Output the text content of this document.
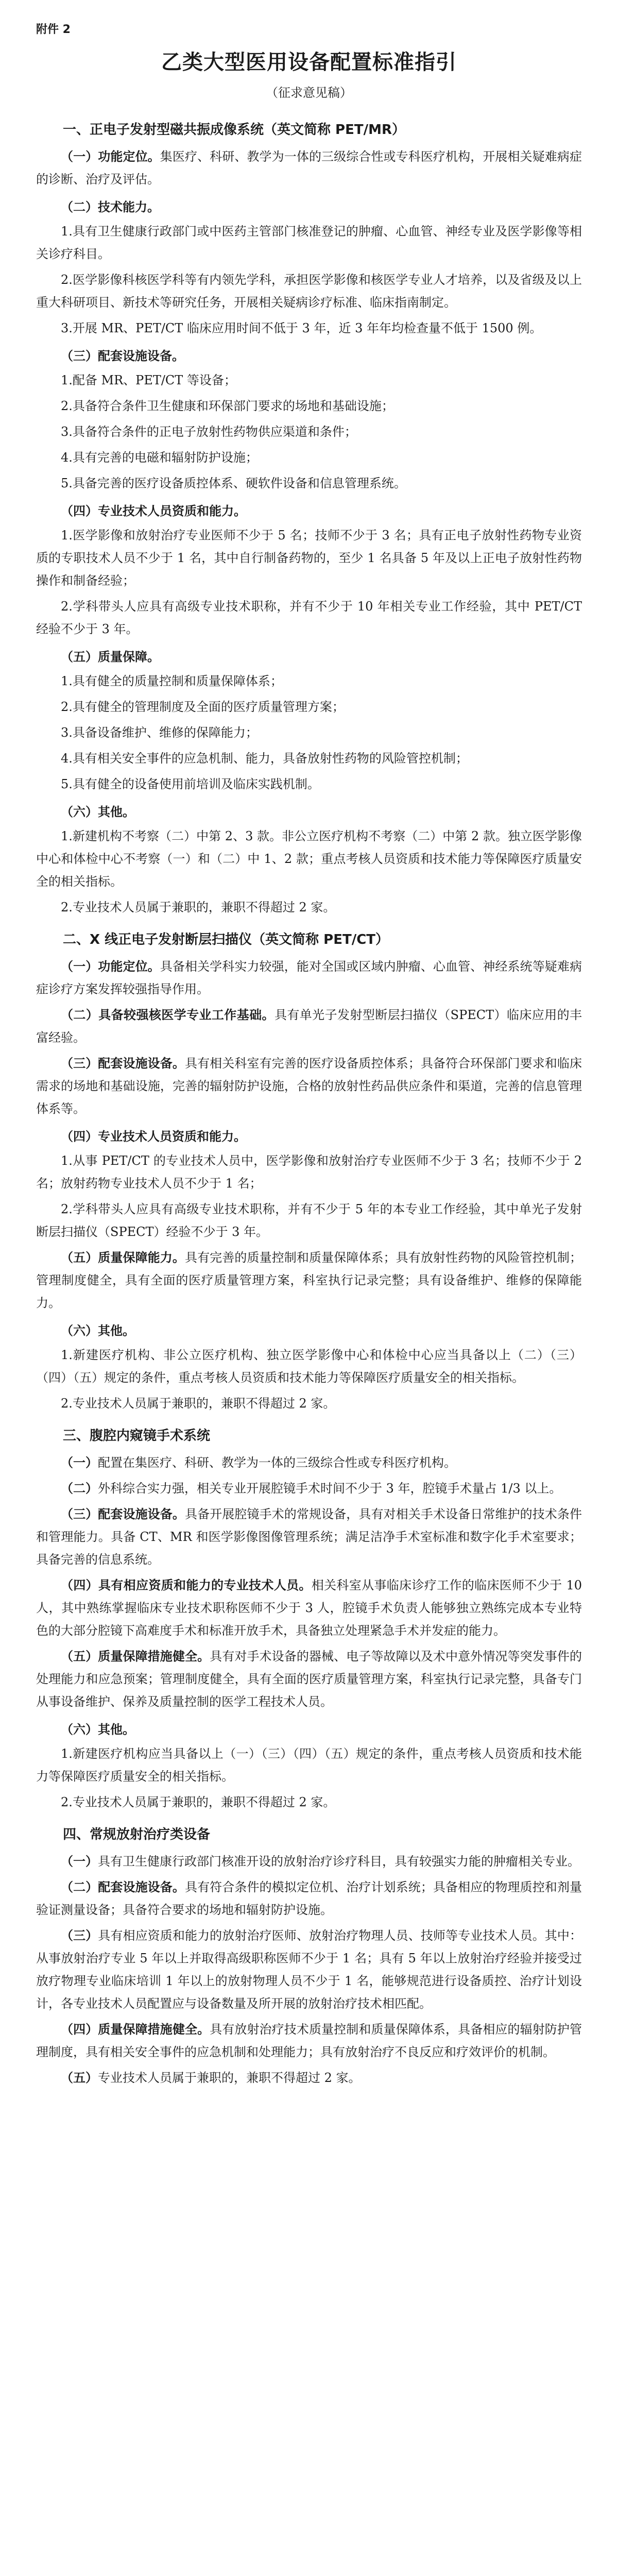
附件 2
乙类大型医用设备配置标准指引
（征求意见稿）
一、正电子发射型磁共振成像系统（英文简称 PET/MR）
（一）功能定位。集医疗、科研、教学为一体的三级综合性或专科医疗机构，开展相关疑难病症的诊断、治疗及评估。
（二）技术能力。
1.具有卫生健康行政部门或中医药主管部门核准登记的肿瘤、心血管、神经专业及医学影像等相关诊疗科目。
2.医学影像科核医学科等有内领先学科，承担医学影像和核医学专业人才培养，以及省级及以上重大科研项目、新技术等研究任务，开展相关疑病诊疗标准、临床指南制定。
3.开展 MR、PET/CT 临床应用时间不低于 3 年，近 3 年年均检查量不低于 1500 例。
（三）配套设施设备。
1.配备 MR、PET/CT 等设备；
2.具备符合条件卫生健康和环保部门要求的场地和基础设施；
3.具备符合条件的正电子放射性药物供应渠道和条件；
4.具有完善的电磁和辐射防护设施；
5.具备完善的医疗设备质控体系、硬软件设备和信息管理系统。
（四）专业技术人员资质和能力。
1.医学影像和放射治疗专业医师不少于 5 名；技师不少于 3 名；具有正电子放射性药物专业资质的专职技术人员不少于 1 名，其中自行制备药物的，至少 1 名具备 5 年及以上正电子放射性药物操作和制备经验；
2.学科带头人应具有高级专业技术职称，并有不少于 10 年相关专业工作经验，其中 PET/CT 经验不少于 3 年。
（五）质量保障。
1.具有健全的质量控制和质量保障体系；
2.具有健全的管理制度及全面的医疗质量管理方案；
3.具备设备维护、维修的保障能力；
4.具有相关安全事件的应急机制、能力，具备放射性药物的风险管控机制；
5.具有健全的设备使用前培训及临床实践机制。
（六）其他。
1.新建机构不考察（二）中第 2、3 款。非公立医疗机构不考察（二）中第 2 款。独立医学影像中心和体检中心不考察（一）和（二）中 1、2 款；重点考核人员资质和技术能力等保障医疗质量安全的相关指标。
2.专业技术人员属于兼职的，兼职不得超过 2 家。
二、X 线正电子发射断层扫描仪（英文简称 PET/CT）
（一）功能定位。具备相关学科实力较强，能对全国或区域内肿瘤、心血管、神经系统等疑难病症诊疗方案发挥较强指导作用。
（二）具备较强核医学专业工作基础。具有单光子发射型断层扫描仪（SPECT）临床应用的丰富经验。
（三）配套设施设备。具有相关科室有完善的医疗设备质控体系；具备符合环保部门要求和临床需求的场地和基础设施，完善的辐射防护设施，合格的放射性药品供应条件和渠道，完善的信息管理体系等。
（四）专业技术人员资质和能力。
1.从事 PET/CT 的专业技术人员中，医学影像和放射治疗专业医师不少于 3 名；技师不少于 2 名；放射药物专业技术人员不少于 1 名；
2.学科带头人应具有高级专业技术职称，并有不少于 5 年的本专业工作经验，其中单光子发射断层扫描仪（SPECT）经验不少于 3 年。
（五）质量保障能力。具有完善的质量控制和质量保障体系；具有放射性药物的风险管控机制；管理制度健全，具有全面的医疗质量管理方案，科室执行记录完整；具有设备维护、维修的保障能力。
（六）其他。
1.新建医疗机构、非公立医疗机构、独立医学影像中心和体检中心应当具备以上（二）（三）（四）（五）规定的条件，重点考核人员资质和技术能力等保障医疗质量安全的相关指标。
2.专业技术人员属于兼职的，兼职不得超过 2 家。
三、腹腔内窥镜手术系统
（一）配置在集医疗、科研、教学为一体的三级综合性或专科医疗机构。
（二）外科综合实力强，相关专业开展腔镜手术时间不少于 3 年，腔镜手术量占 1/3 以上。
（三）配套设施设备。具备开展腔镜手术的常规设备，具有对相关手术设备日常维护的技术条件和管理能力。具备 CT、MR 和医学影像图像管理系统；满足洁净手术室标准和数字化手术室要求；具备完善的信息系统。
（四）具有相应资质和能力的专业技术人员。相关科室从事临床诊疗工作的临床医师不少于 10 人，其中熟练掌握临床专业技术职称医师不少于 3 人，腔镜手术负责人能够独立熟练完成本专业特色的大部分腔镜下高难度手术和标准开放手术，具备独立处理紧急手术并发症的能力。
（五）质量保障措施健全。具有对手术设备的器械、电子等故障以及术中意外情况等突发事件的处理能力和应急预案；管理制度健全，具有全面的医疗质量管理方案，科室执行记录完整，具备专门从事设备维护、保养及质量控制的医学工程技术人员。
（六）其他。
1.新建医疗机构应当具备以上（一）（三）（四）（五）规定的条件，重点考核人员资质和技术能力等保障医疗质量安全的相关指标。
2.专业技术人员属于兼职的，兼职不得超过 2 家。
四、常规放射治疗类设备
（一）具有卫生健康行政部门核准开设的放射治疗诊疗科目，具有较强实力能的肿瘤相关专业。
（二）配套设施设备。具有符合条件的模拟定位机、治疗计划系统；具备相应的物理质控和剂量验证测量设备；具备符合要求的场地和辐射防护设施。
（三）具有相应资质和能力的放射治疗医师、放射治疗物理人员、技师等专业技术人员。其中：从事放射治疗专业 5 年以上并取得高级职称医师不少于 1 名；具有 5 年以上放射治疗经验并接受过放疗物理专业临床培训 1 年以上的放射物理人员不少于 1 名，能够规范进行设备质控、治疗计划设计，各专业技术人员配置应与设备数量及所开展的放射治疗技术相匹配。
（四）质量保障措施健全。具有放射治疗技术质量控制和质量保障体系，具备相应的辐射防护管理制度，具有相关安全事件的应急机制和处理能力；具有放射治疗不良反应和疗效评价的机制。
（五）专业技术人员属于兼职的，兼职不得超过 2 家。
